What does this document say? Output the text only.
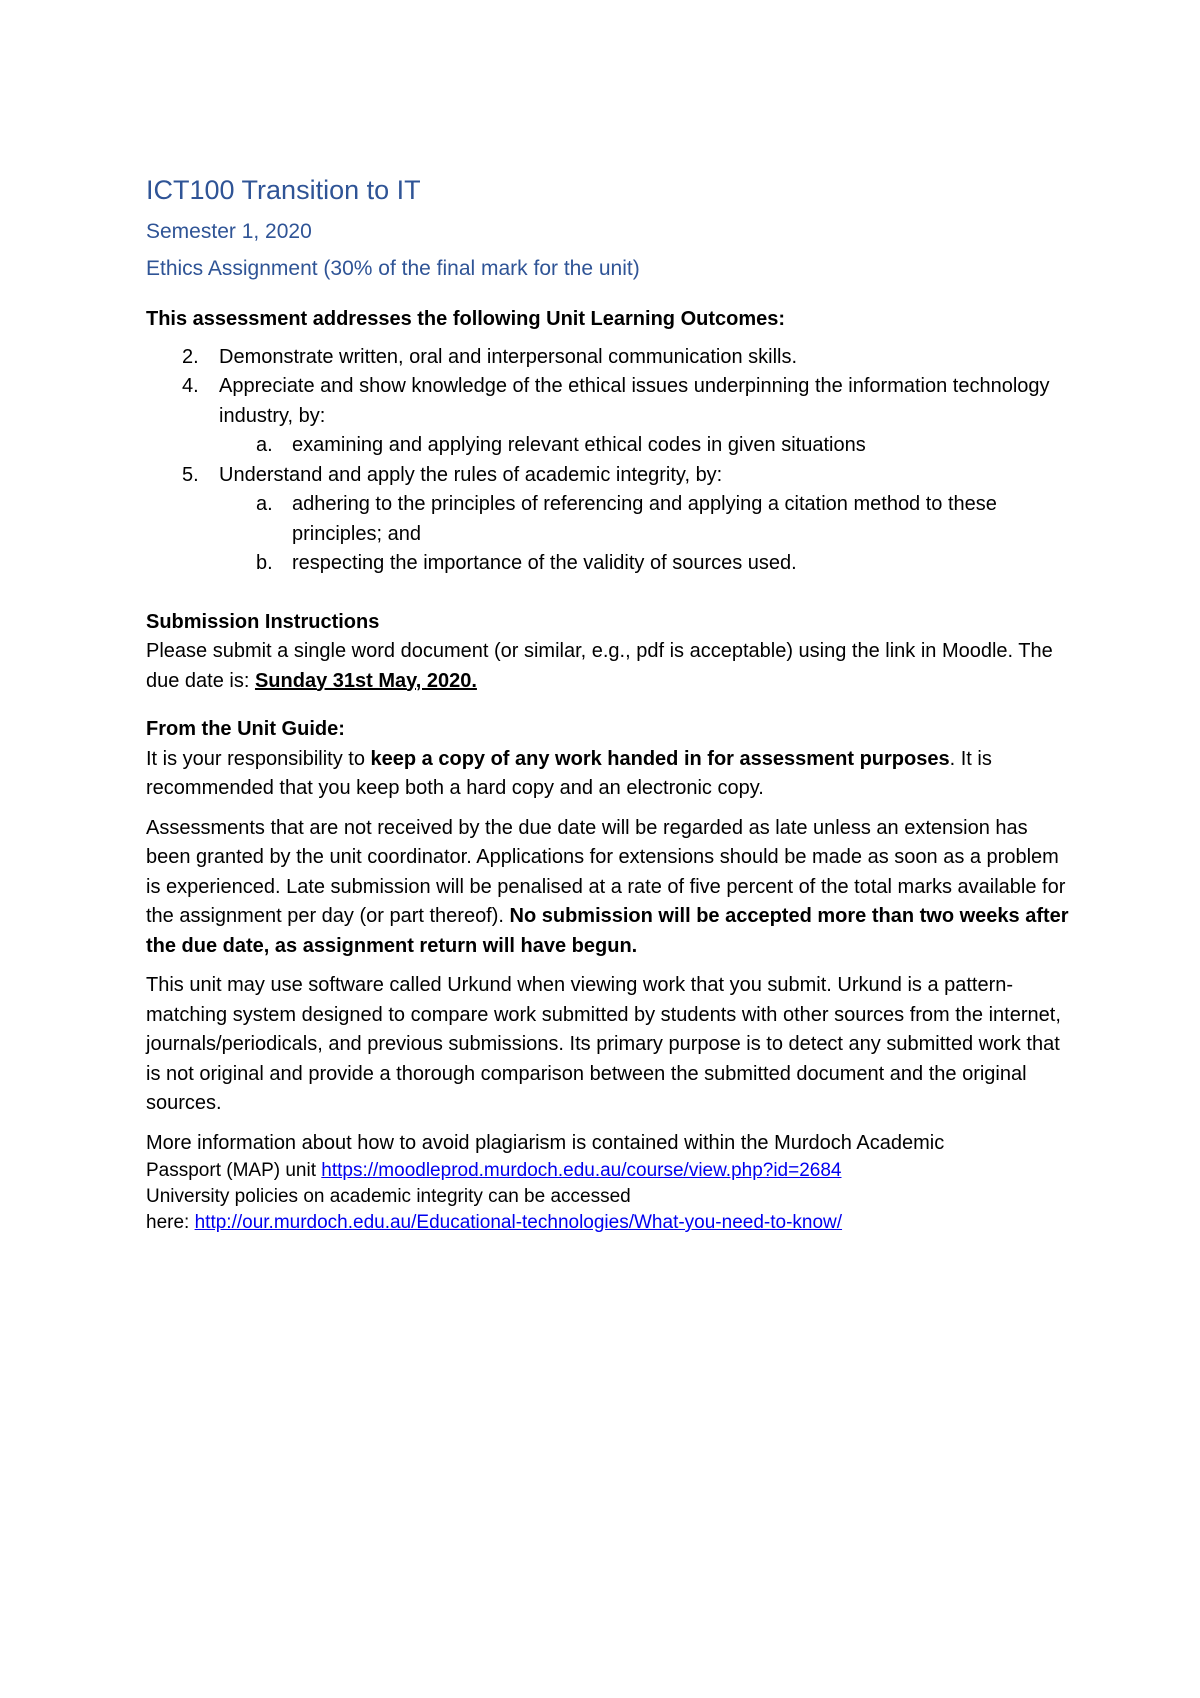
ICT100 Transition to IT
Semester 1, 2020
Ethics Assignment (30% of the final mark for the unit)
This assessment addresses the following Unit Learning Outcomes:
2. Demonstrate written, oral and interpersonal communication skills.
4. Appreciate and show knowledge of the ethical issues underpinning the information technology industry, by:
a. examining and applying relevant ethical codes in given situations
5. Understand and apply the rules of academic integrity, by:
a. adhering to the principles of referencing and applying a citation method to these principles; and
b. respecting the importance of the validity of sources used.
Submission Instructions
Please submit a single word document (or similar, e.g., pdf is acceptable) using the link in Moodle. The due date is: Sunday 31st May, 2020.
From the Unit Guide:
It is your responsibility to keep a copy of any work handed in for assessment purposes. It is recommended that you keep both a hard copy and an electronic copy.
Assessments that are not received by the due date will be regarded as late unless an extension has been granted by the unit coordinator. Applications for extensions should be made as soon as a problem is experienced. Late submission will be penalised at a rate of five percent of the total marks available for the assignment per day (or part thereof). No submission will be accepted more than two weeks after the due date, as assignment return will have begun.
This unit may use software called Urkund when viewing work that you submit. Urkund is a pattern-matching system designed to compare work submitted by students with other sources from the internet, journals/periodicals, and previous submissions. Its primary purpose is to detect any submitted work that is not original and provide a thorough comparison between the submitted document and the original sources.
More information about how to avoid plagiarism is contained within the Murdoch Academic
Passport (MAP) unit https://moodleprod.murdoch.edu.au/course/view.php?id=2684
University policies on academic integrity can be accessed
here: http://our.murdoch.edu.au/Educational-technologies/What-you-need-to-know/
